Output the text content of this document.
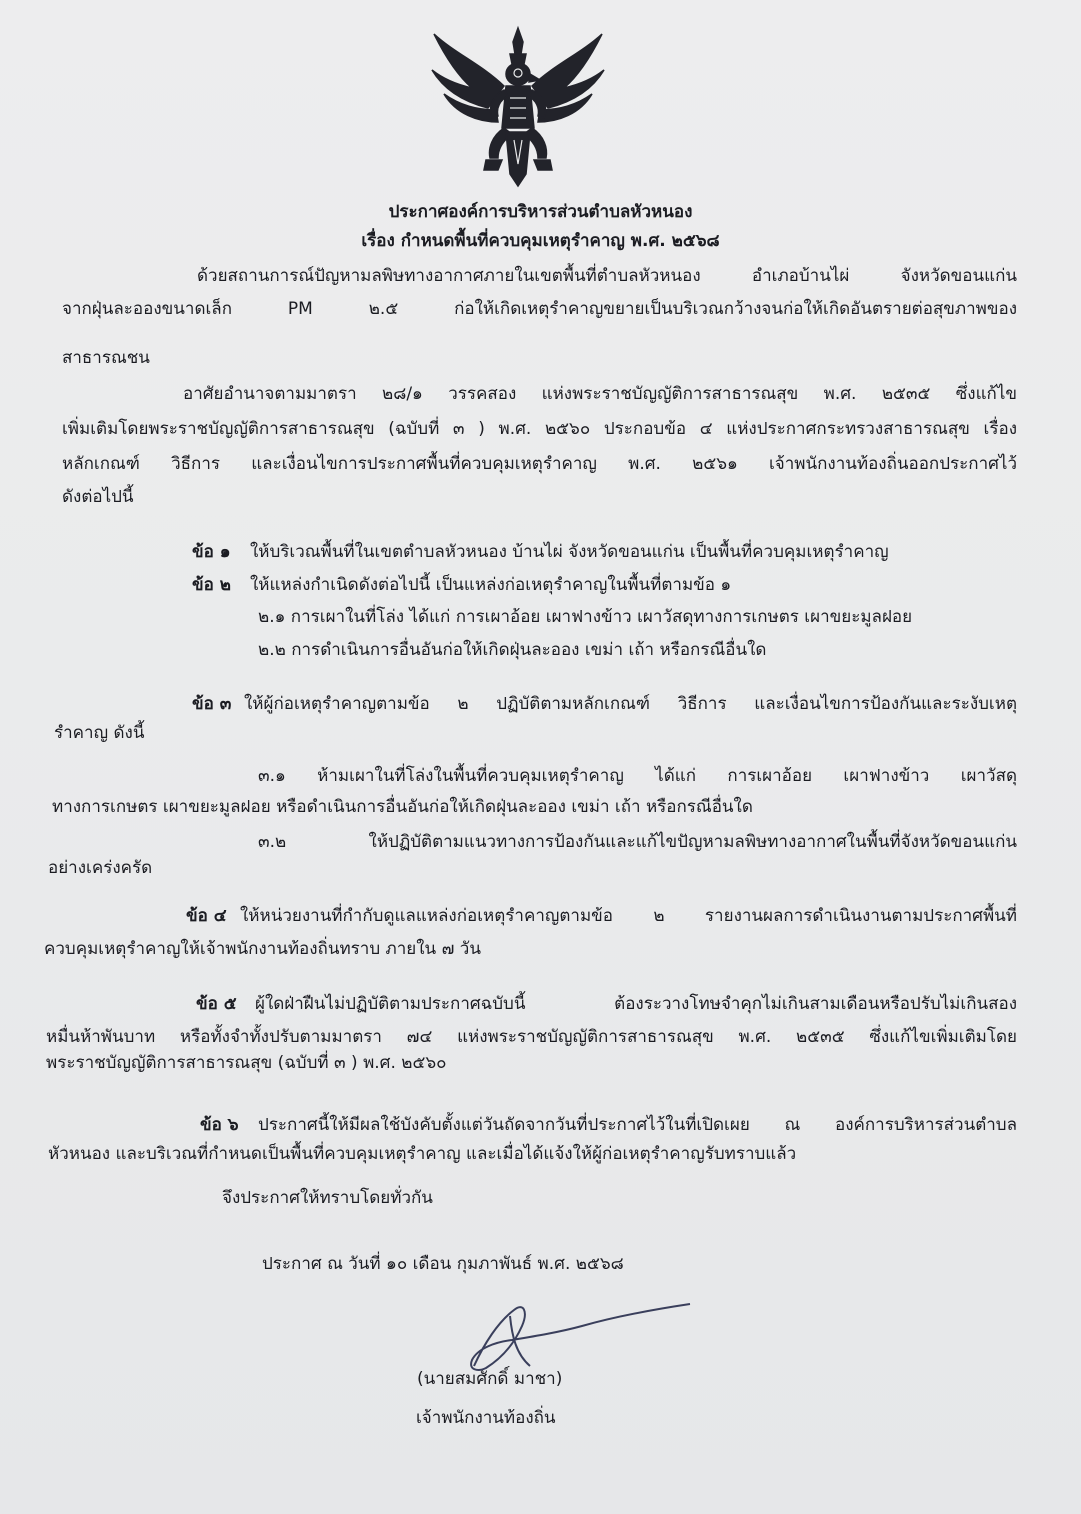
ประกาศองค์การบริหารส่วนตำบลหัวหนอง
เรื่อง กำหนดพื้นที่ควบคุมเหตุรำคาญ พ.ศ. ๒๕๖๘
ด้วยสถานการณ์ปัญหามลพิษทางอากาศภายในเขตพื้นที่ตำบลหัวหนอง อำเภอบ้านไผ่ จังหวัดขอนแก่น
จากฝุ่นละอองขนาดเล็ก PM ๒.๕ ก่อให้เกิดเหตุรำคาญขยายเป็นบริเวณกว้างจนก่อให้เกิดอันตรายต่อสุขภาพของ
สาธารณชน
อาศัยอำนาจตามมาตรา ๒๘/๑ วรรคสอง แห่งพระราชบัญญัติการสาธารณสุข พ.ศ. ๒๕๓๕ ซึ่งแก้ไข
เพิ่มเติมโดยพระราชบัญญัติการสาธารณสุข (ฉบับที่ ๓ ) พ.ศ. ๒๕๖๐ ประกอบข้อ ๔ แห่งประกาศกระทรวงสาธารณสุข เรื่อง
หลักเกณฑ์ วิธีการ และเงื่อนไขการประกาศพื้นที่ควบคุมเหตุรำคาญ พ.ศ. ๒๕๖๑ เจ้าพนักงานท้องถิ่นออกประกาศไว้
ดังต่อไปนี้
ข้อ ๑ ให้บริเวณพื้นที่ในเขตตำบลหัวหนอง บ้านไผ่ จังหวัดขอนแก่น เป็นพื้นที่ควบคุมเหตุรำคาญ
ข้อ ๒ ให้แหล่งกำเนิดดังต่อไปนี้ เป็นแหล่งก่อเหตุรำคาญในพื้นที่ตามข้อ ๑
๒.๑ การเผาในที่โล่ง ได้แก่ การเผาอ้อย เผาฟางข้าว เผาวัสดุทางการเกษตร เผาขยะมูลฝอย
๒.๒ การดำเนินการอื่นอันก่อให้เกิดฝุ่นละออง เขม่า เถ้า หรือกรณีอื่นใด
ข้อ ๓ ให้ผู้ก่อเหตุรำคาญตามข้อ ๒ ปฏิบัติตามหลักเกณฑ์ วิธีการ และเงื่อนไขการป้องกันและระงับเหตุ
รำคาญ ดังนี้
๓.๑ ห้ามเผาในที่โล่งในพื้นที่ควบคุมเหตุรำคาญ ได้แก่ การเผาอ้อย เผาฟางข้าว เผาวัสดุ
ทางการเกษตร เผาขยะมูลฝอย หรือดำเนินการอื่นอันก่อให้เกิดฝุ่นละออง เขม่า เถ้า หรือกรณีอื่นใด
๓.๒ ให้ปฏิบัติตามแนวทางการป้องกันและแก้ไขปัญหามลพิษทางอากาศในพื้นที่จังหวัดขอนแก่น
อย่างเคร่งครัด
ข้อ ๔ ให้หน่วยงานที่กำกับดูแลแหล่งก่อเหตุรำคาญตามข้อ ๒ รายงานผลการดำเนินงานตามประกาศพื้นที่
ควบคุมเหตุรำคาญให้เจ้าพนักงานท้องถิ่นทราบ ภายใน ๗ วัน
ข้อ ๕ ผู้ใดฝ่าฝืนไม่ปฏิบัติตามประกาศฉบับนี้ ต้องระวางโทษจำคุกไม่เกินสามเดือนหรือปรับไม่เกินสอง
หมื่นห้าพันบาท หรือทั้งจำทั้งปรับตามมาตรา ๗๔ แห่งพระราชบัญญัติการสาธารณสุข พ.ศ. ๒๕๓๕ ซึ่งแก้ไขเพิ่มเติมโดย
พระราชบัญญัติการสาธารณสุข (ฉบับที่ ๓ ) พ.ศ. ๒๕๖๐
ข้อ ๖ ประกาศนี้ให้มีผลใช้บังคับตั้งแต่วันถัดจากวันที่ประกาศไว้ในที่เปิดเผย ณ องค์การบริหารส่วนตำบล
หัวหนอง และบริเวณที่กำหนดเป็นพื้นที่ควบคุมเหตุรำคาญ และเมื่อได้แจ้งให้ผู้ก่อเหตุรำคาญรับทราบแล้ว
จึงประกาศให้ทราบโดยทั่วกัน
ประกาศ ณ วันที่ ๑๐ เดือน กุมภาพันธ์ พ.ศ. ๒๕๖๘
(นายสมศักดิ์ มาชา)
เจ้าพนักงานท้องถิ่น
